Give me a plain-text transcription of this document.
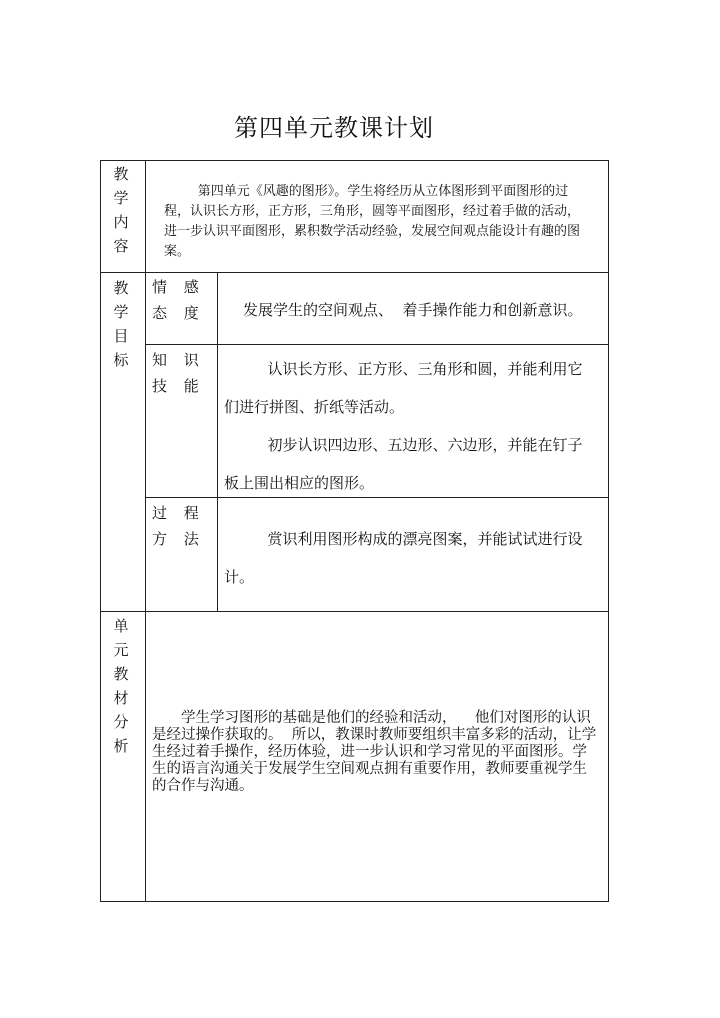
第四单元教课计划
教学内容
第四单元《风趣的图形》。学生将经历从立体图形到平面图形的过程，认识长方形，正方形，三角形，圆等平面图形，经过着手做的活动，进一步认识平面图形，累积数学活动经验，发展空间观点能设计有趣的图案。
教学目标
情 感
态 度	发展学生的空间观点、  着手操作能力和创新意识。
知 识
技 能
认识长方形、正方形、三角形和圆，并能利用它们进行拼图、折纸等活动。
初步认识四边形、五边形、六边形，并能在钉子板上围出相应的图形。
过 程
方 法	赏识利用图形构成的漂亮图案，并能试试进行设计。
单元教材分析
学生学习图形的基础是他们的经验和活动，    他们对图形的认识是经过操作获取的。  所以，教课时教师要组织丰富多彩的活动，让学生经过着手操作，经历体验，进一步认识和学习常见的平面图形。学生的语言沟通关于发展学生空间观点拥有重要作用，教师要重视学生的合作与沟通。
